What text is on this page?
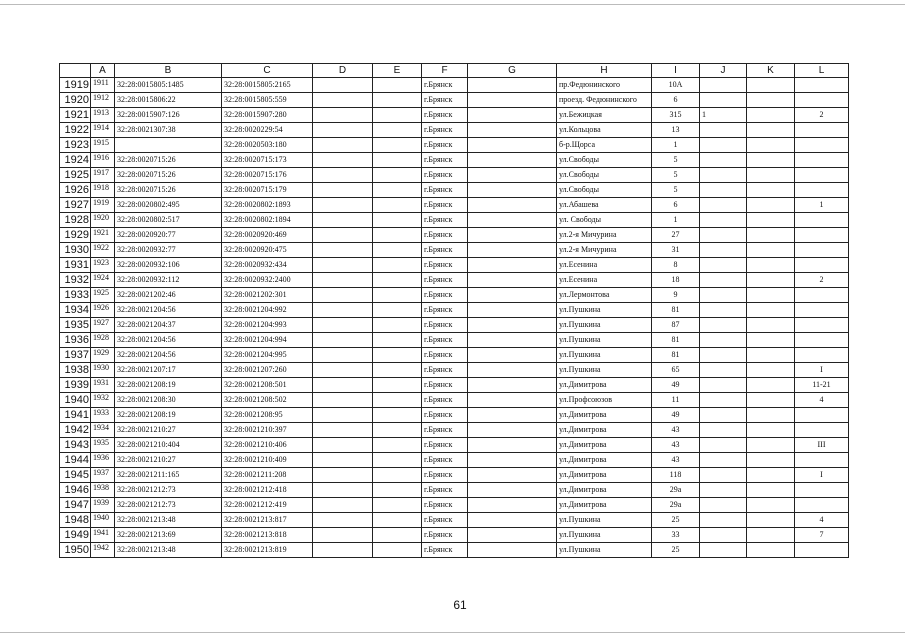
	A	B	C	D	E	F	G	H	I	J	K	L
1919	1911	32:28:0015805:1485	32:28:0015805:2165			г.Брянск		пр.Федюнинского	10А			
1920	1912	32:28:0015806:22	32:28:0015805:559			г.Брянск		проезд. Федюнинского	6			
1921	1913	32:28:0015907:126	32:28:0015907:280			г.Брянск		ул.Бежицкая	315	1		2
1922	1914	32:28:0021307:38	32:28:0020229:54			г.Брянск		ул.Кольцова	13			
1923	1915		32:28:0020503:180			г.Брянск		б-р.Щорса	1			
1924	1916	32:28:0020715:26	32:28:0020715:173			г.Брянск		ул.Свободы	5			
1925	1917	32:28:0020715:26	32:28:0020715:176			г.Брянск		ул.Свободы	5			
1926	1918	32:28:0020715:26	32:28:0020715:179			г.Брянск		ул.Свободы	5			
1927	1919	32:28:0020802:495	32:28:0020802:1893			г.Брянск		ул.Абашева	6			1
1928	1920	32:28:0020802:517	32:28:0020802:1894			г.Брянск		ул. Свободы	1			
1929	1921	32:28:0020920:77	32:28:0020920:469			г.Брянск		ул.2-я Мичурина	27			
1930	1922	32:28:0020932:77	32:28:0020920:475			г.Брянск		ул.2-я Мичурина	31			
1931	1923	32:28:0020932:106	32:28:0020932:434			г.Брянск		ул.Есенина	8			
1932	1924	32:28:0020932:112	32:28:0020932:2400			г.Брянск		ул.Есенина	18			2
1933	1925	32:28:0021202:46	32:28:0021202:301			г.Брянск		ул.Лермонтова	9			
1934	1926	32:28:0021204:56	32:28:0021204:992			г.Брянск		ул.Пушкина	81			
1935	1927	32:28:0021204:37	32:28:0021204:993			г.Брянск		ул.Пушкина	87			
1936	1928	32:28:0021204:56	32:28:0021204:994			г.Брянск		ул.Пушкина	81			
1937	1929	32:28:0021204:56	32:28:0021204:995			г.Брянск		ул.Пушкина	81			
1938	1930	32:28:0021207:17	32:28:0021207:260			г.Брянск		ул.Пушкина	65			I
1939	1931	32:28:0021208:19	32:28:0021208:501			г.Брянск		ул.Димитрова	49			11-21
1940	1932	32:28:0021208:30	32:28:0021208:502			г.Брянск		ул.Профсоюзов	11			4
1941	1933	32:28:0021208:19	32:28:0021208:95			г.Брянск		ул.Димитрова	49			
1942	1934	32:28:0021210:27	32:28:0021210:397			г.Брянск		ул.Димитрова	43			
1943	1935	32:28:0021210:404	32:28:0021210:406			г.Брянск		ул.Димитрова	43			III
1944	1936	32:28:0021210:27	32:28:0021210:409			г.Брянск		ул.Димитрова	43			
1945	1937	32:28:0021211:165	32:28:0021211:208			г.Брянск		ул.Димитрова	118			I
1946	1938	32:28:0021212:73	32:28:0021212:418			г.Брянск		ул.Димитрова	29а			
1947	1939	32:28:0021212:73	32:28:0021212:419			г.Брянск		ул.Димитрова	29а			
1948	1940	32:28:0021213:48	32:28:0021213:817			г.Брянск		ул.Пушкина	25			4
1949	1941	32:28:0021213:69	32:28:0021213:818			г.Брянск		ул.Пушкина	33			7
1950	1942	32:28:0021213:48	32:28:0021213:819			г.Брянск		ул.Пушкина	25			
61
